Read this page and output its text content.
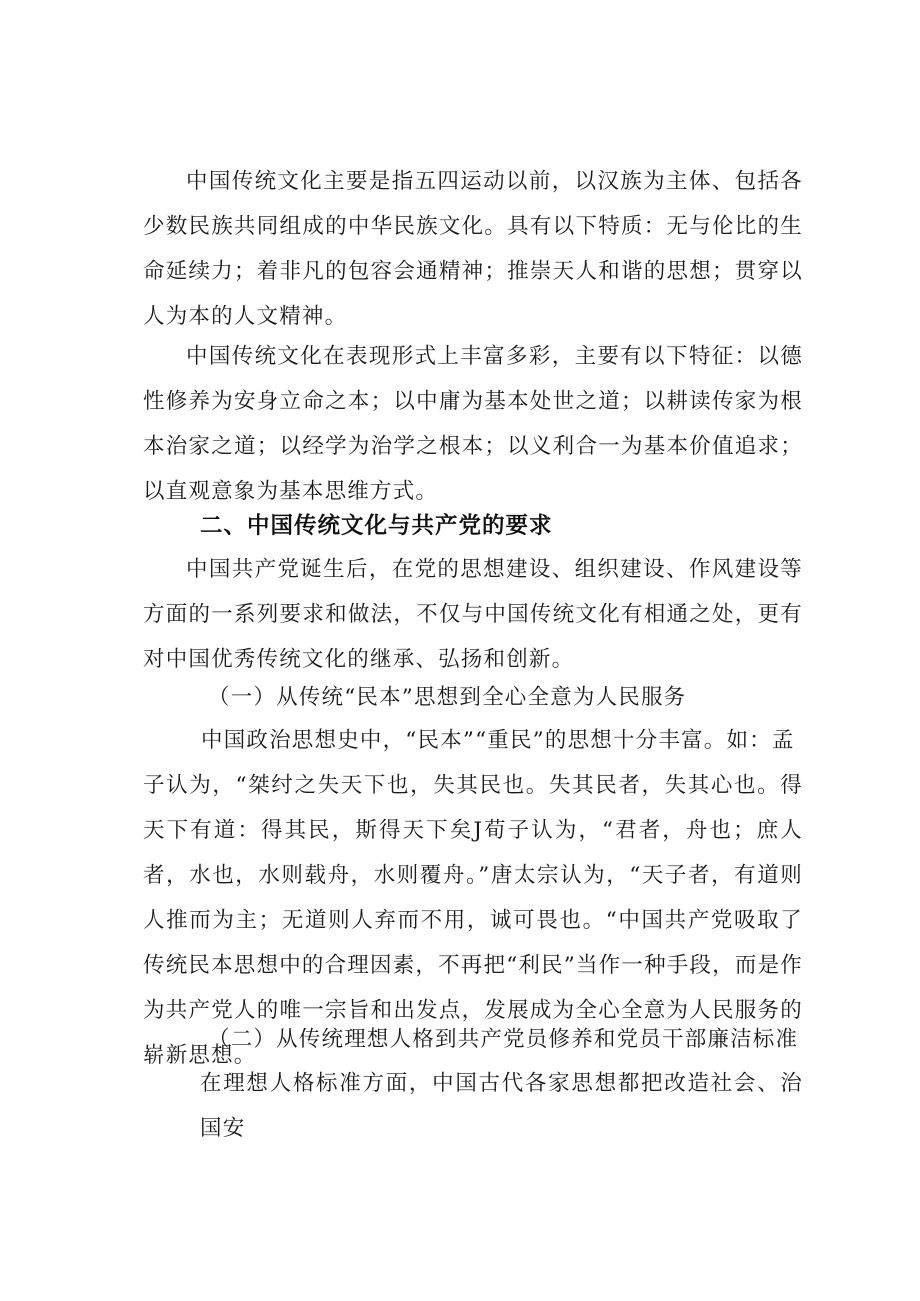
中国传统文化主要是指五四运动以前，以汉族为主体、包括各少数民族共同组成的中华民族文化。具有以下特质：无与伦比的生命延续力；着非凡的包容会通精神；推崇天人和谐的思想；贯穿以人为本的人文精神。
中国传统文化在表现形式上丰富多彩，主要有以下特征：以德性修养为安身立命之本；以中庸为基本处世之道；以耕读传家为根本治家之道；以经学为治学之根本；以义利合一为基本价值追求；以直观意象为基本思维方式。
二、中国传统文化与共产党的要求
中国共产党诞生后，在党的思想建设、组织建设、作风建设等方面的一系列要求和做法，不仅与中国传统文化有相通之处，更有对中国优秀传统文化的继承、弘扬和创新。
（一）从传统“民本”思想到全心全意为人民服务
中国政治思想史中，“民本”“重民”的思想十分丰富。如：孟
子认为，“桀纣之失天下也，失其民也。失其民者，失其心也。得天下有道：得其民，斯得天下矣J荀子认为，“君者，舟也；庶人者，水也，水则载舟，水则覆舟。”唐太宗认为，“天子者，有道则人推而为主；无道则人弃而不用，诚可畏也。“中国共产党吸取了传统民本思想中的合理因素，不再把“利民”当作一种手段，而是作为共产党人的唯一宗旨和出发点，发展成为全心全意为人民服务的崭新思想。
（二）从传统理想人格到共产党员修养和党员干部廉洁标准
在理想人格标准方面，中国古代各家思想都把改造社会、治国安
